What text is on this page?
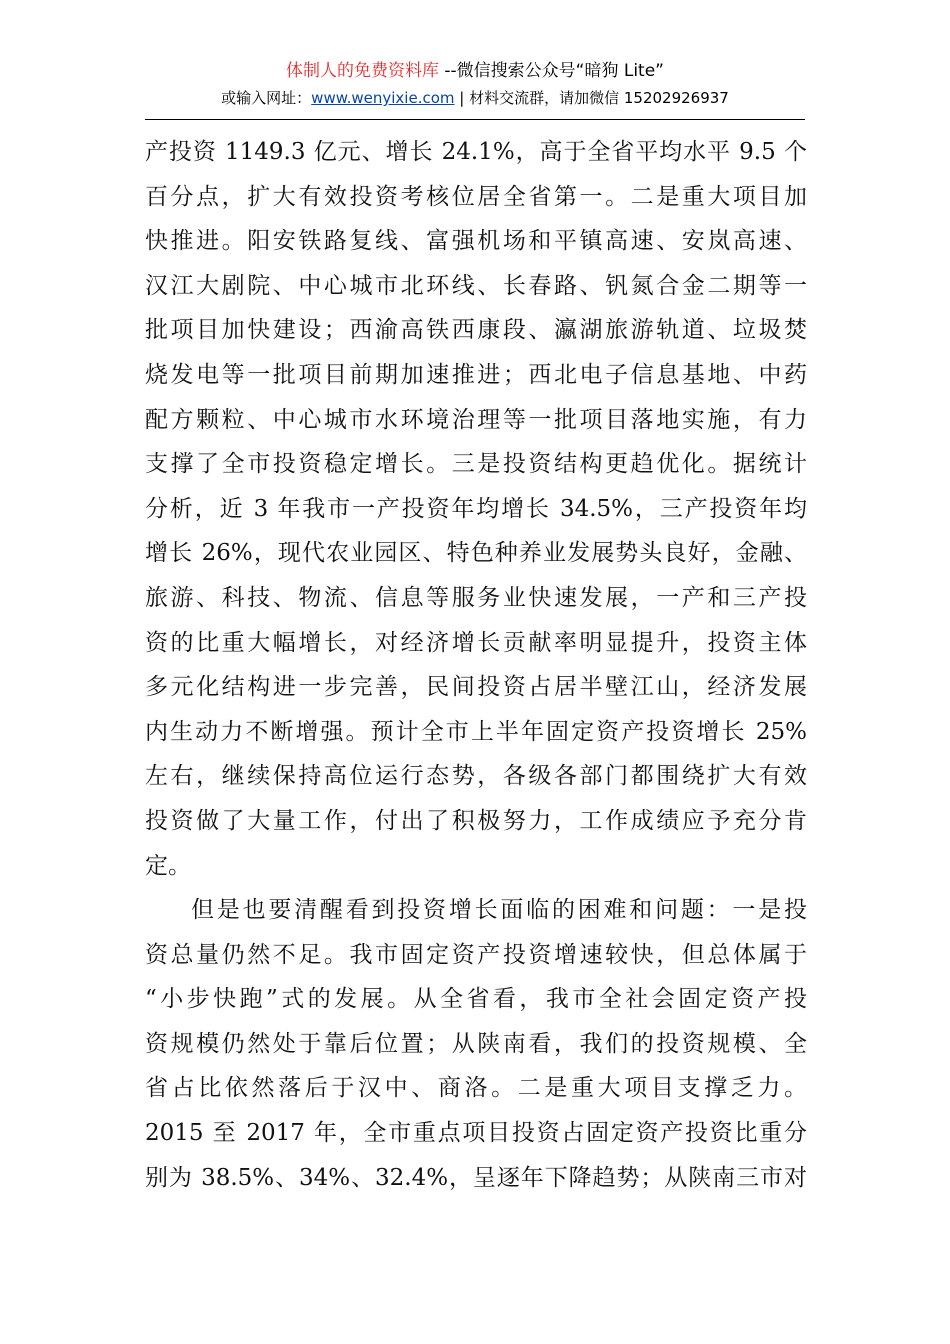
体制人的免费资料库 --微信搜索公众号“暗狗 Lite”
或输入网址：www.wenyixie.com | 材料交流群，请加微信 15202926937
产投资 1149.3 亿元、增长 24.1%，高于全省平均水平 9.5 个
百分点，扩大有效投资考核位居全省第一。二是重大项目加
快推进。阳安铁路复线、富强机场和平镇高速、安岚高速、
汉江大剧院、中心城市北环线、长春路、钒氮合金二期等一
批项目加快建设；西渝高铁西康段、瀛湖旅游轨道、垃圾焚
烧发电等一批项目前期加速推进；西北电子信息基地、中药
配方颗粒、中心城市水环境治理等一批项目落地实施，有力
支撑了全市投资稳定增长。三是投资结构更趋优化。据统计
分析，近 3 年我市一产投资年均增长 34.5%，三产投资年均
增长 26%，现代农业园区、特色种养业发展势头良好，金融、
旅游、科技、物流、信息等服务业快速发展，一产和三产投
资的比重大幅增长，对经济增长贡献率明显提升，投资主体
多元化结构进一步完善，民间投资占居半壁江山，经济发展
内生动力不断增强。预计全市上半年固定资产投资增长 25%
左右，继续保持高位运行态势，各级各部门都围绕扩大有效
投资做了大量工作，付出了积极努力，工作成绩应予充分肯
定。
但是也要清醒看到投资增长面临的困难和问题：一是投
资总量仍然不足。我市固定资产投资增速较快，但总体属于
“小步快跑”式的发展。从全省看，我市全社会固定资产投
资规模仍然处于靠后位置；从陕南看，我们的投资规模、全
省占比依然落后于汉中、商洛。二是重大项目支撑乏力。
2015 至 2017 年，全市重点项目投资占固定资产投资比重分
别为 38.5%、34%、32.4%，呈逐年下降趋势；从陕南三市对
